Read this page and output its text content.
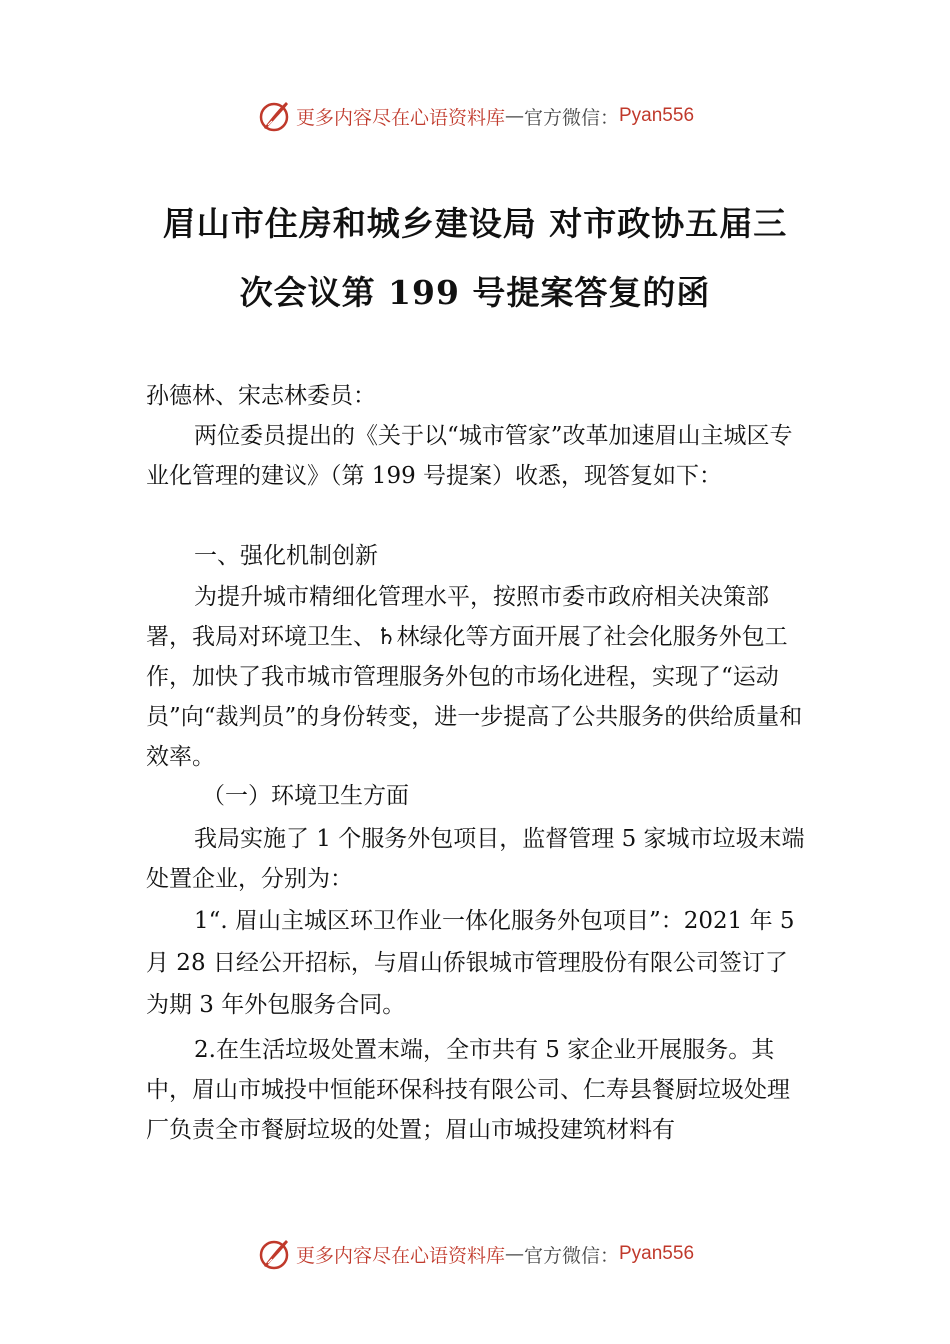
更多内容尽在心语资料库 — 官方微信： Pyan556
眉山市住房和城乡建设局 对市政协五届三
次会议第 199 号提案答复的函

孙德林、宋志林委员：

两位委员提出的《关于以“城市管家”改革加速眉山主城区专业化管理的建议》（第 199 号提案）收悉，现答复如下：

一、强化机制创新

为提升城市精细化管理水平，按照市委市政府相关决策部署，我局对环境卫生、♄林绿化等方面开展了社会化服务外包工作，加快了我市城市管理服务外包的市场化进程，实现了“运动员”向“裁判员”的身份转变，进一步提高了公共服务的供给质量和效率。

（一）环境卫生方面

我局实施了 1 个服务外包项目，监督管理 5 家城市垃圾末端处置企业，分别为：

1“. 眉山主城区环卫作业一体化服务外包项目”：2021 年 5 月 28 日经公开招标，与眉山侨银城市管理股份有限公司签订了为期 3 年外包服务合同。

2.在生活垃圾处置末端，全市共有 5 家企业开展服务。其中，眉山市城投中恒能环保科技有限公司、仁寿县餐厨垃圾处理厂负责全市餐厨垃圾的处置；眉山市城投建筑材料有

更多内容尽在心语资料库 — 官方微信： Pyan556
